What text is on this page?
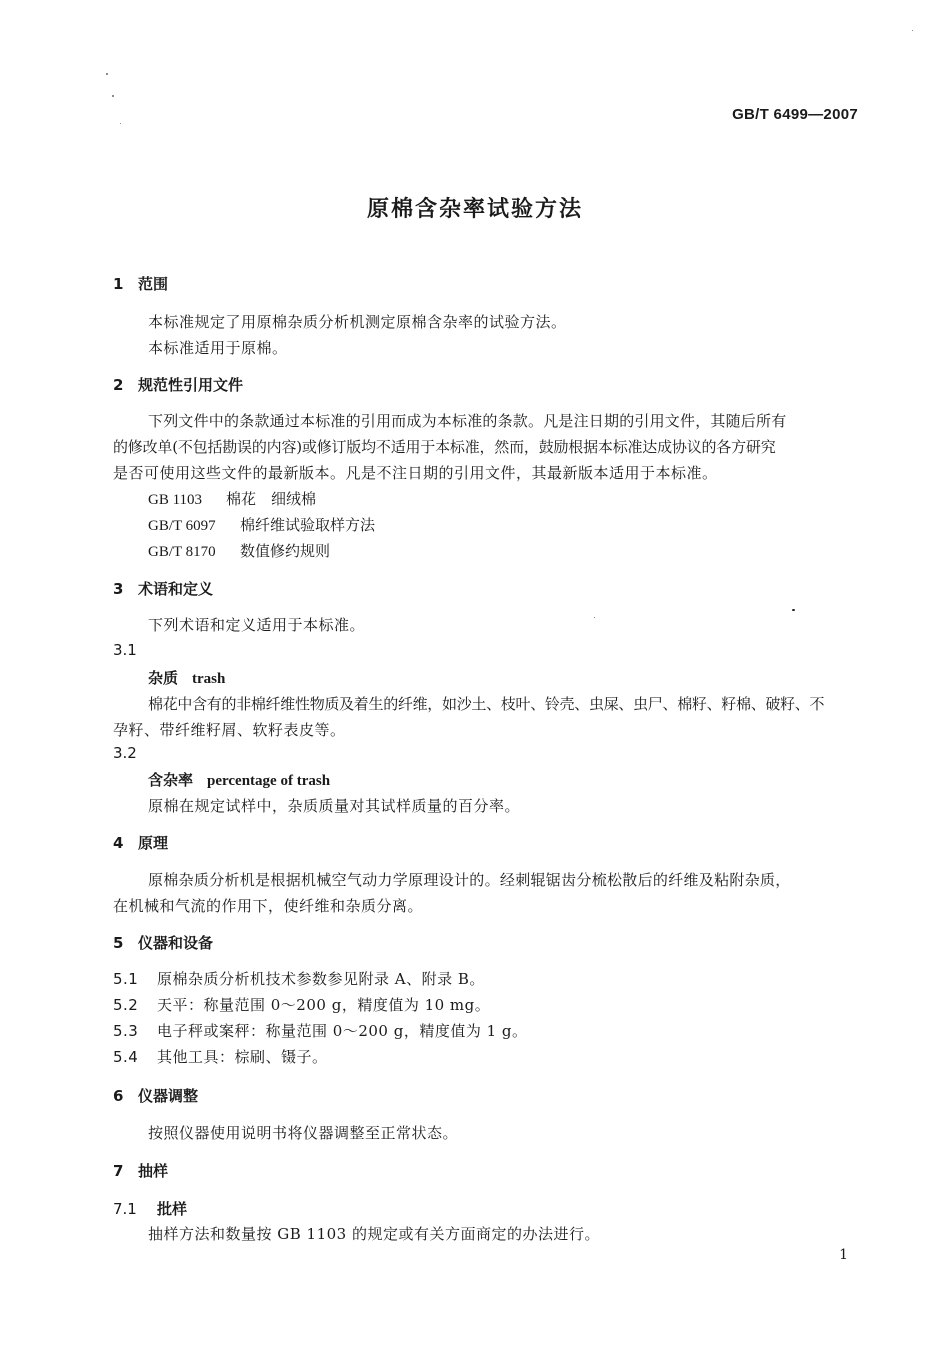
GB/T 6499—2007
原棉含杂率试验方法
1 范围
本标准规定了用原棉杂质分析机测定原棉含杂率的试验方法。
本标准适用于原棉。
2 规范性引用文件
下列文件中的条款通过本标准的引用而成为本标准的条款。凡是注日期的引用文件，其随后所有
的修改单(不包括勘误的内容)或修订版均不适用于本标准，然而，鼓励根据本标准达成协议的各方研究
是否可使用这些文件的最新版本。凡是不注日期的引用文件，其最新版本适用于本标准。
GB 1103 棉花　细绒棉
GB/T 6097 棉纤维试验取样方法
GB/T 8170 数值修约规则
3 术语和定义
下列术语和定义适用于本标准。
3.1
杂质 trash
棉花中含有的非棉纤维性物质及着生的纤维，如沙土、枝叶、铃壳、虫屎、虫尸、棉籽、籽棉、破籽、不
孕籽、带纤维籽屑、软籽表皮等。
3.2
含杂率 percentage of trash
原棉在规定试样中，杂质质量对其试样质量的百分率。
4 原理
原棉杂质分析机是根据机械空气动力学原理设计的。经刺辊锯齿分梳松散后的纤维及粘附杂质，
在机械和气流的作用下，使纤维和杂质分离。
5 仪器和设备
5.1 原棉杂质分析机技术参数参见附录 A、附录 B。
5.2 天平：称量范围 0～200 g，精度值为 10 mg。
5.3 电子秤或案秤：称量范围 0～200 g，精度值为 1 g。
5.4 其他工具：棕刷、镊子。
6 仪器调整
按照仪器使用说明书将仪器调整至正常状态。
7 抽样
7.1 批样
抽样方法和数量按 GB 1103 的规定或有关方面商定的办法进行。
1
